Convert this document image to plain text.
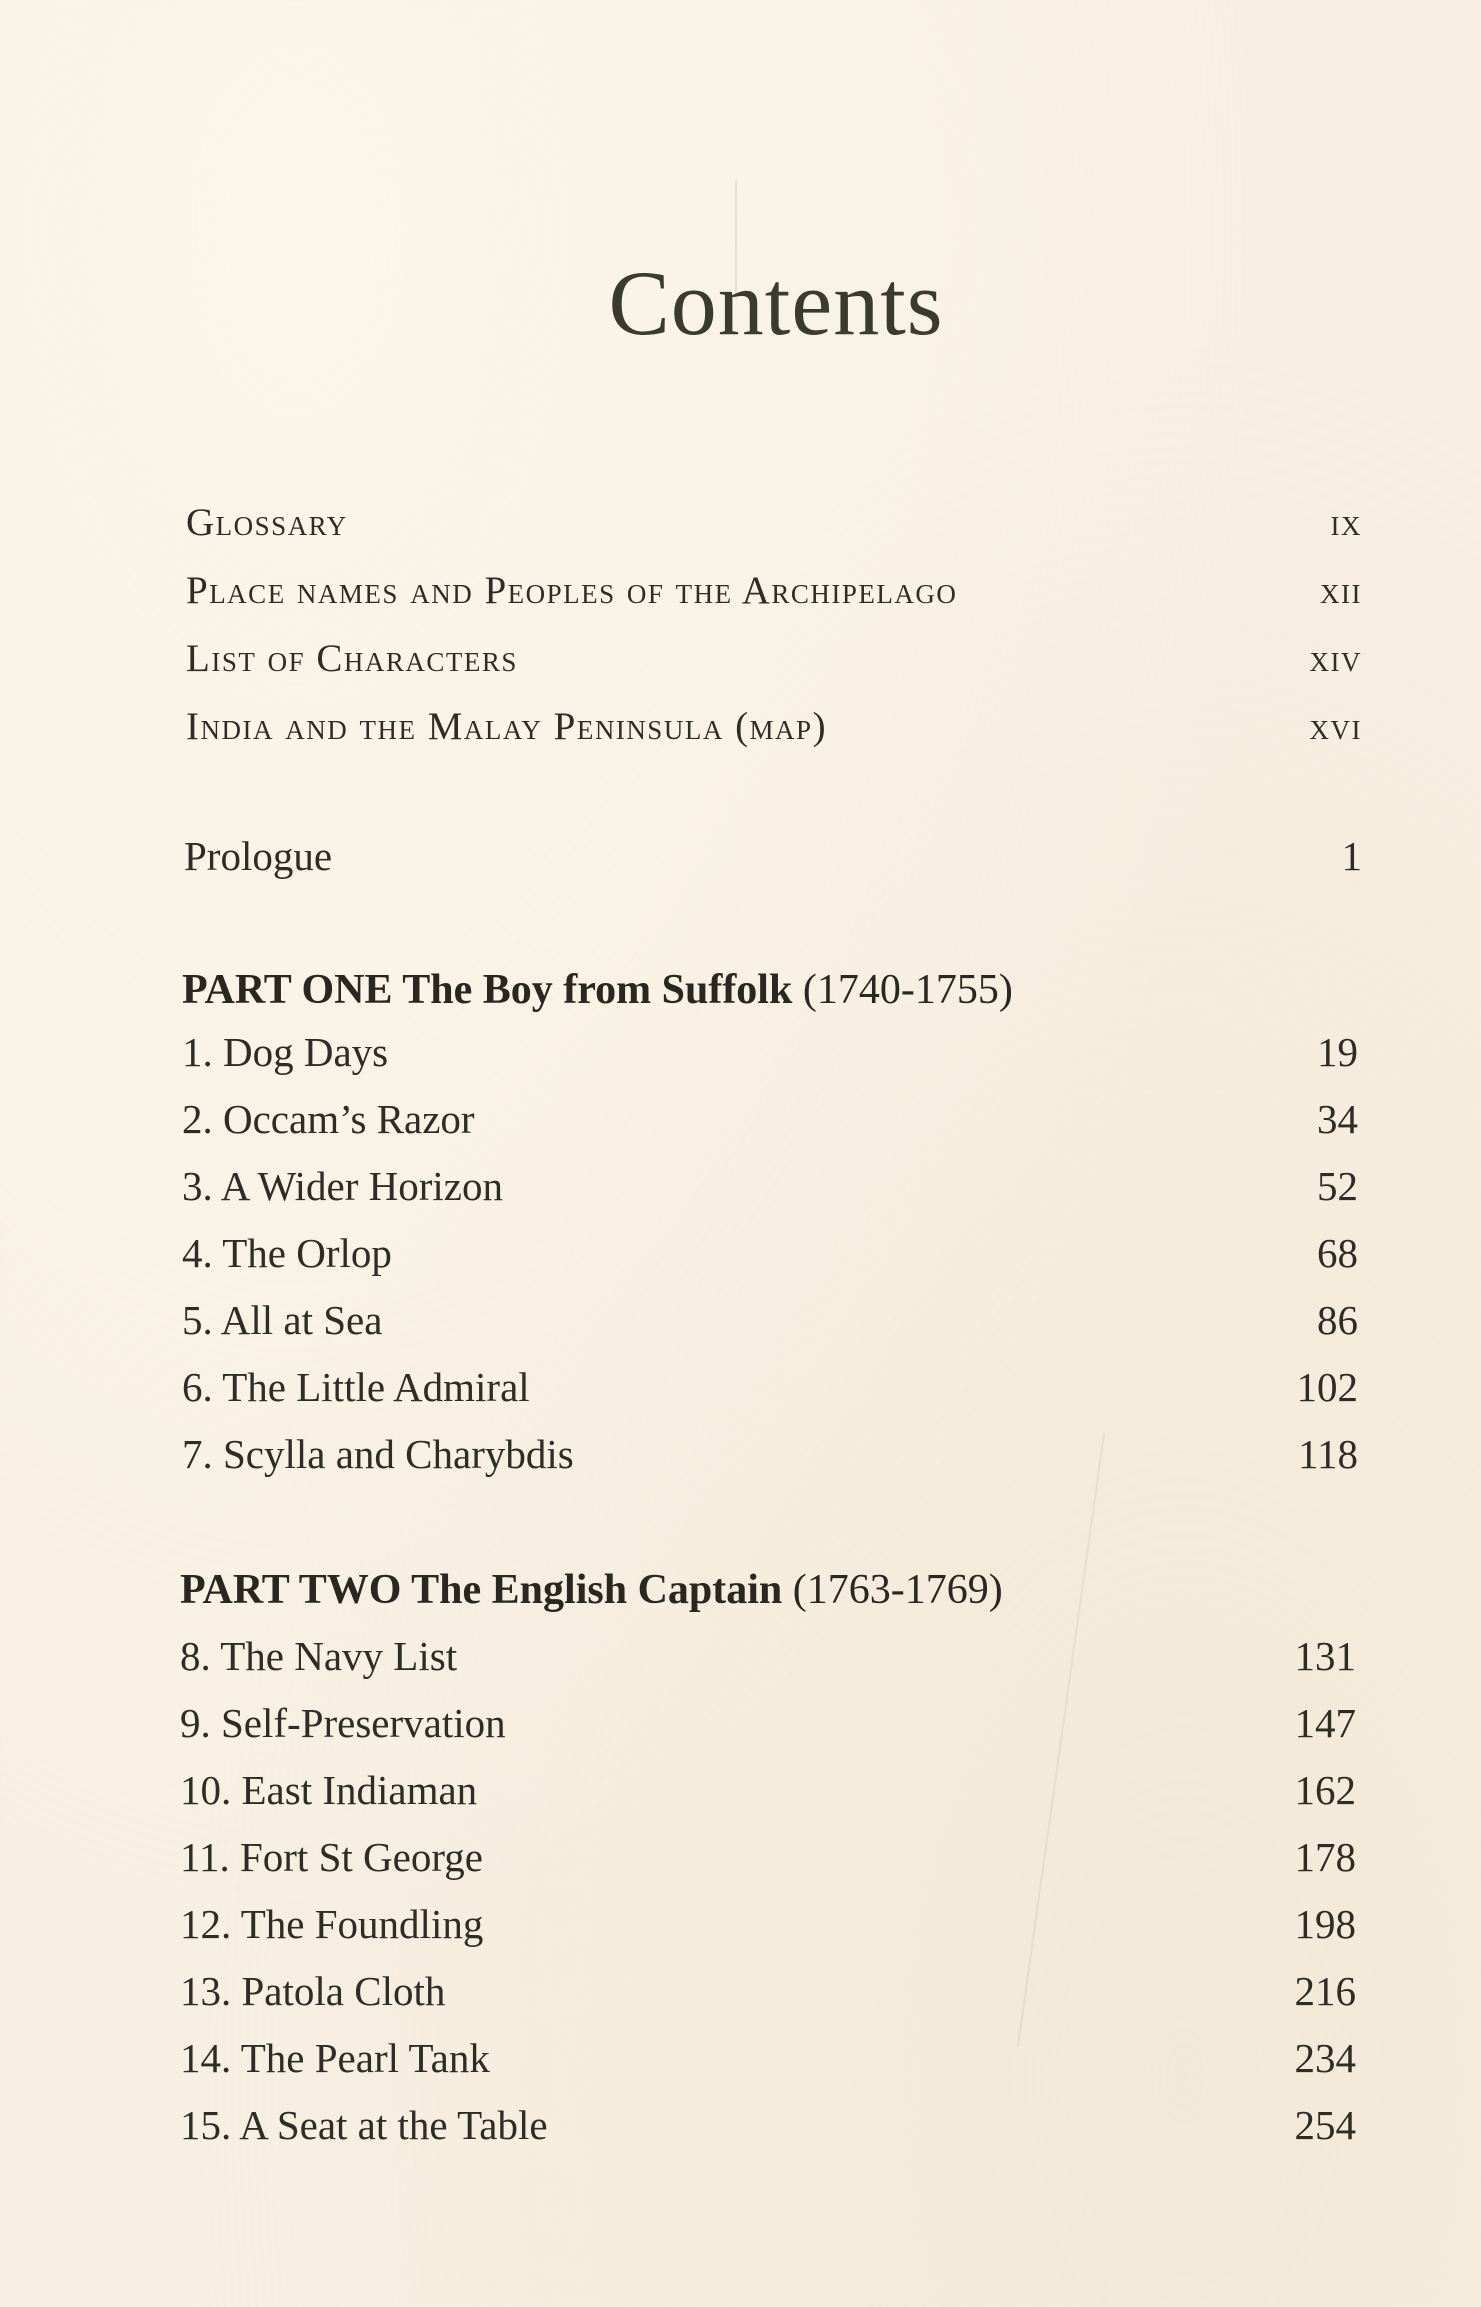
Contents
Glossary	ix
Place names and Peoples of the Archipelago	xii
List of Characters	xiv
India and the Malay Peninsula (map)	xvi
Prologue	1
PART ONE The Boy from Suffolk (1740-1755)
1. Dog Days	19
2. Occam’s Razor	34
3. A Wider Horizon	52
4. The Orlop	68
5. All at Sea	86
6. The Little Admiral	102
7. Scylla and Charybdis	118
PART TWO The English Captain (1763-1769)
8. The Navy List	131
9. Self-Preservation	147
10. East Indiaman	162
11. Fort St George	178
12. The Foundling	198
13. Patola Cloth	216
14. The Pearl Tank	234
15. A Seat at the Table	254
